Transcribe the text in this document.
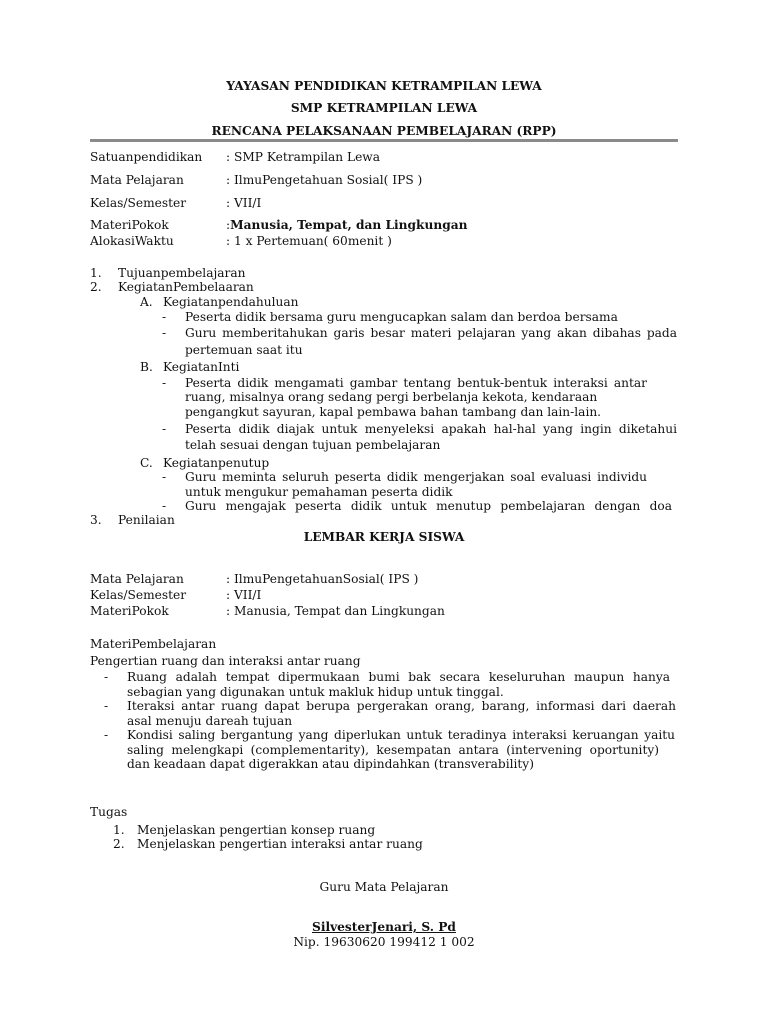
YAYASAN PENDIDIKAN KETRAMPILAN LEWA
SMP KETRAMPILAN LEWA
RENCANA PELAKSANAAN PEMBELAJARAN (RPP)
Satuanpendidikan : SMP Ketrampilan Lewa
Mata Pelajaran	: IlmuPengetahuan Sosial( IPS )
Kelas/Semester	: VII/I
MateriPokok	:Manusia, Tempat, dan Lingkungan
AlokasiWaktu	: 1 x Pertemuan( 60menit )
1. Tujuanpembelajaran
2. KegiatanPembelaaran
A. Kegiatanpendahuluan
- Peserta didik bersama guru mengucapkan salam dan berdoa bersama
- Guru memberitahukan garis besar materi pelajaran yang akan dibahas pada
pertemuan saat itu
B. KegiatanInti
- Peserta didik mengamati gambar tentang bentuk-bentuk interaksi antar
ruang, misalnya orang sedang pergi berbelanja kekota, kendaraan
pengangkut sayuran, kapal pembawa bahan tambang dan lain-lain.
- Peserta didik diajak untuk menyeleksi apakah hal-hal yang ingin diketahui
telah sesuai dengan tujuan pembelajaran
C. Kegiatanpenutup
- Guru meminta seluruh peserta didik mengerjakan soal evaluasi individu
untuk mengukur pemahaman peserta didik
- Guru mengajak peserta didik untuk menutup pembelajaran dengan doa
3. Penilaian
LEMBAR KERJA SISWA
Mata Pelajaran	: IlmuPengetahuanSosial( IPS )
Kelas/Semester	: VII/I
MateriPokok	: Manusia, Tempat dan Lingkungan
MateriPembelajaran
Pengertian ruang dan interaksi antar ruang
- Ruang adalah tempat dipermukaan bumi bak secara keseluruhan maupun hanya
sebagian yang digunakan untuk makluk hidup untuk tinggal.
- Iteraksi antar ruang dapat berupa pergerakan orang, barang, informasi dari daerah
asal menuju dareah tujuan
- Kondisi saling bergantung yang diperlukan untuk teradinya interaksi keruangan yaitu
saling melengkapi (complementarity), kesempatan antara (intervening oportunity)
dan keadaan dapat digerakkan atau dipindahkan (transverability)
Tugas
1. Menjelaskan pengertian konsep ruang
2. Menjelaskan pengertian interaksi antar ruang
Guru Mata Pelajaran
SilvesterJenari, S. Pd
Nip. 19630620 199412 1 002
